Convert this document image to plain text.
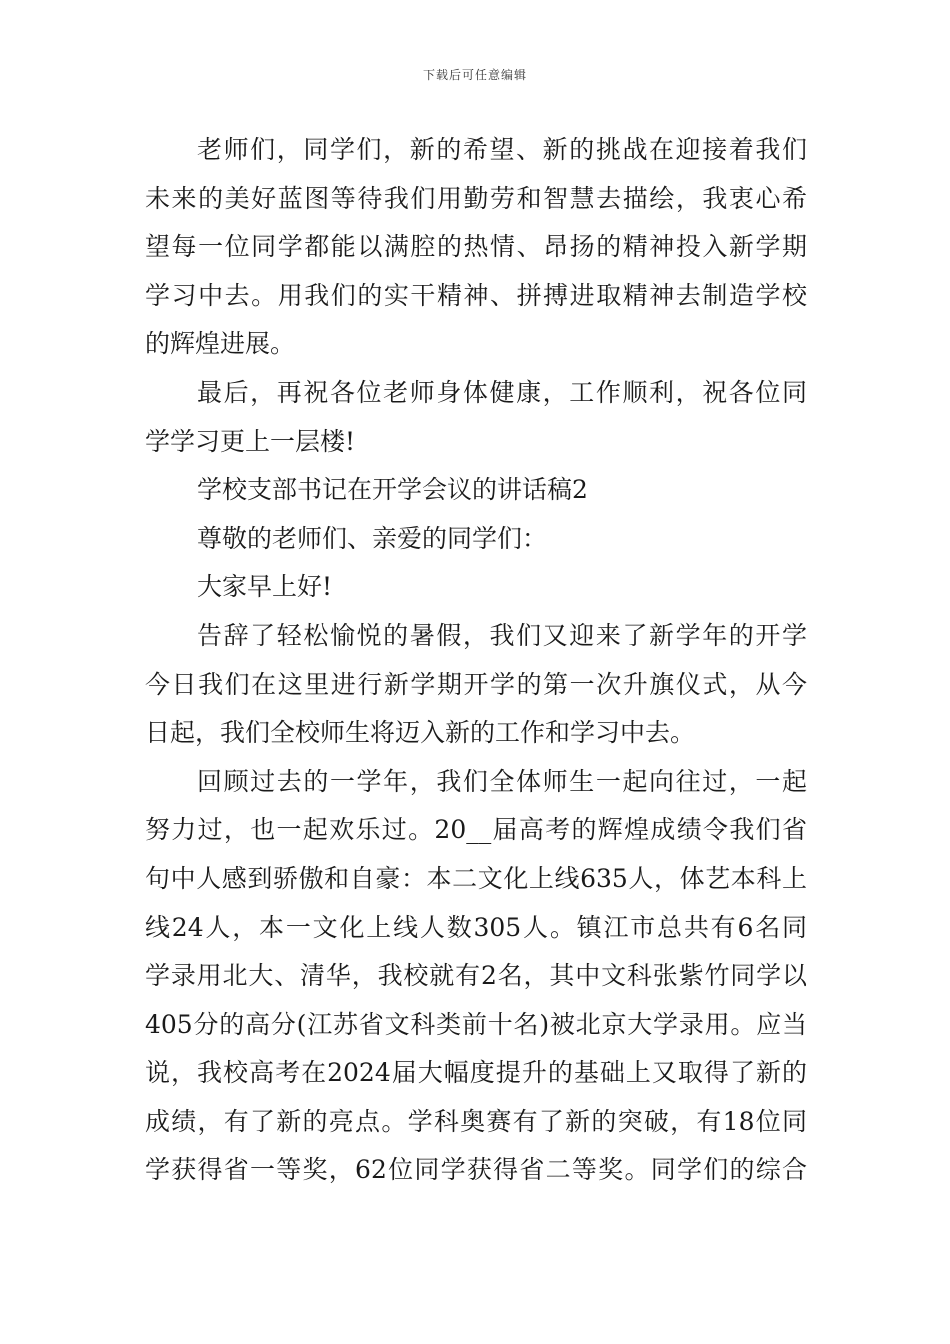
下载后可任意编辑
老师们，同学们，新的希望、新的挑战在迎接着我们
未来的美好蓝图等待我们用勤劳和智慧去描绘，我衷心希
望每一位同学都能以满腔的热情、昂扬的精神投入新学期
学习中去。用我们的实干精神、拼搏进取精神去制造学校
的辉煌进展。
最后，再祝各位老师身体健康，工作顺利，祝各位同
学学习更上一层楼!
学校支部书记在开学会议的讲话稿2
尊敬的老师们、亲爱的同学们：
大家早上好!
告辞了轻松愉悦的暑假，我们又迎来了新学年的开学
今日我们在这里进行新学期开学的第一次升旗仪式，从今
日起，我们全校师生将迈入新的工作和学习中去。
回顾过去的一学年，我们全体师生一起向往过，一起
努力过，也一起欢乐过。20__届高考的辉煌成绩令我们省
句中人感到骄傲和自豪：本二文化上线635人，体艺本科上
线24人，本一文化上线人数305人。镇江市总共有6名同
学录用北大、清华，我校就有2名，其中文科张紫竹同学以
405分的高分(江苏省文科类前十名)被北京大学录用。应当
说，我校高考在2024届大幅度提升的基础上又取得了新的
成绩，有了新的亮点。学科奥赛有了新的突破，有18位同
学获得省一等奖，62位同学获得省二等奖。同学们的综合
